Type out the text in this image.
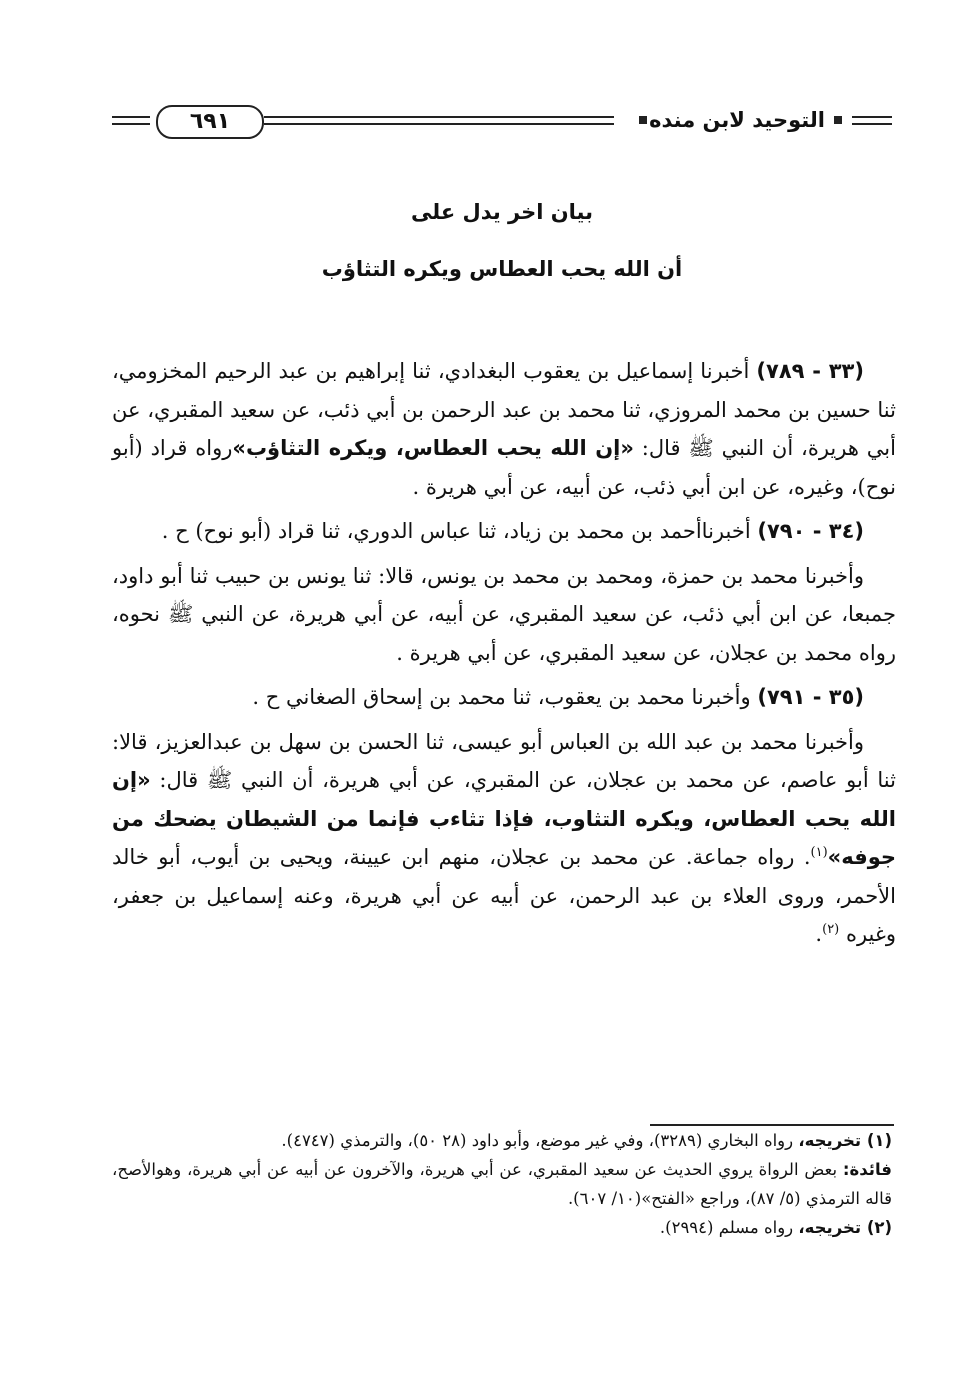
٦٩١	التوحيد لابن منده
بيان اخر يدل على
أن الله يحب العطاس ويكره التثاؤب

(٣٣ - ٧٨٩) أخبرنا إسماعيل بن يعقوب البغدادي، ثنا إبراهيم بن عبد الرحيم المخزومي، ثنا حسين بن محمد المروزي، ثنا محمد بن عبد الرحمن بن أبي ذئب، عن سعيد المقبري، عن أبي هريرة، أن النبي ﷺ قال: «إن الله يحب العطاس، ويكره التثاؤب»رواه قراد (أبو نوح)، وغيره، عن ابن أبي ذئب، عن أبيه، عن أبي هريرة .

(٣٤ - ٧٩٠) أخبرناأحمد بن محمد بن زياد، ثنا عباس الدوري، ثنا قراد (أبو نوح) ح .

وأخبرنا محمد بن حمزة، ومحمد بن محمد بن يونس، قالا: ثنا يونس بن حبيب ثنا أبو داود، جمبعا، عن ابن أبي ذئب، عن سعيد المقبري، عن أبيه، عن أبي هريرة، عن النبي ﷺ نحوه، رواه محمد بن عجلان، عن سعيد المقبري، عن أبي هريرة .

(٣٥ - ٧٩١) وأخبرنا محمد بن يعقوب، ثنا محمد بن إسحاق الصغاني ح .

وأخبرنا محمد بن عبد الله بن العباس أبو عيسى، ثنا الحسن بن سهل بن عبدالعزيز، قالا: ثنا أبو عاصم، عن محمد بن عجلان، عن المقبري، عن أبي هريرة، أن النبي ﷺ قال: «إن الله يحب العطاس، ويكره التثاوب، فإذا تثاءب فإنما من الشيطان يضحك من جوفه»$^{(١)}$. رواه جماعة. عن محمد بن عجلان، منهم ابن عيينة، ويحيى بن أيوب، أبو خالد الأحمر، وروى العلاء بن عبد الرحمن، عن أبيه عن أبي هريرة، وعنه إسماعيل بن جعفر، وغيره $^{(٢)}$.

(١) تخريجه، رواه البخاري (٣٢٨٩)، وفي غير موضع، وأبو داود (٢٨ ٥٠)، والترمذي (٤٧٤٧).

فائدة: بعض الرواة يروي الحديث عن سعيد المقبري، عن أبي هريرة، والآخرون عن أبيه عن أبي هريرة، وهوالأصح، قاله الترمذي (٥/ ٨٧)، وراجع «الفتح»(١٠/ ٦٠٧).

(٢) تخريجه، رواه مسلم (٢٩٩٤).
